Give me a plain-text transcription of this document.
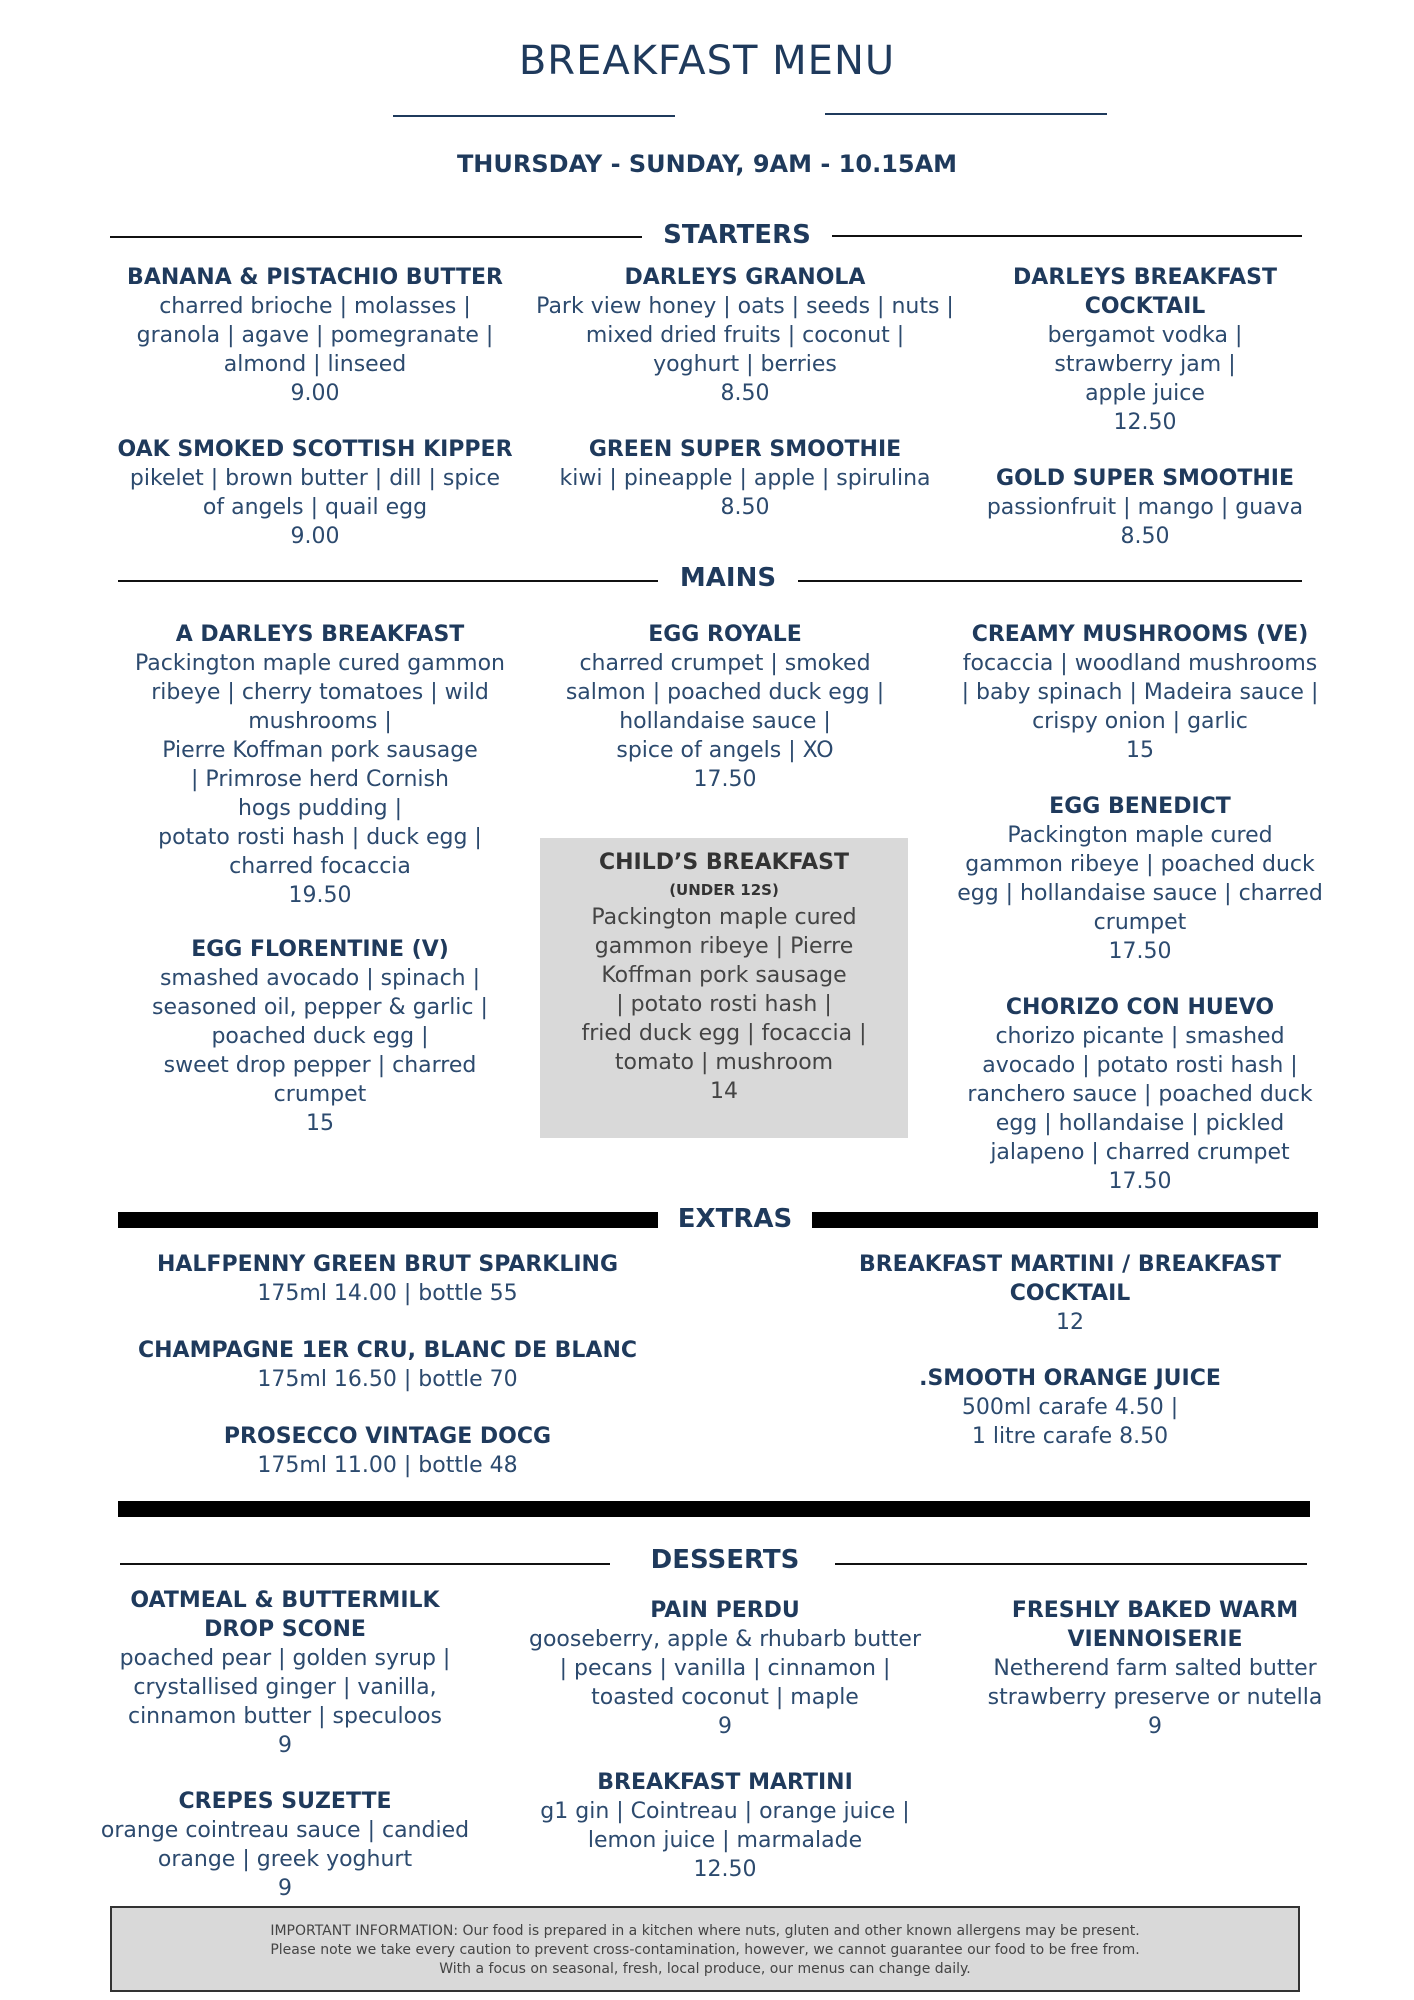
BREAKFAST MENU
THURSDAY - SUNDAY, 9AM - 10.15AM
STARTERS
BANANA & PISTACHIO BUTTER
charred brioche | molasses |
granola | agave | pomegranate |
almond | linseed
9.00
DARLEYS GRANOLA
Park view honey | oats | seeds | nuts |
mixed dried fruits | coconut |
yoghurt | berries
8.50
DARLEYS BREAKFAST
COCKTAIL
bergamot vodka |
strawberry jam |
apple juice
12.50
OAK SMOKED SCOTTISH KIPPER
pikelet | brown butter | dill | spice
of angels | quail egg
9.00
GREEN SUPER SMOOTHIE
kiwi | pineapple | apple | spirulina
8.50
GOLD SUPER SMOOTHIE
passionfruit | mango | guava
8.50
MAINS
A DARLEYS BREAKFAST
Packington maple cured gammon
ribeye | cherry tomatoes | wild
mushrooms |
Pierre Koffman pork sausage
| Primrose herd Cornish
hogs pudding |
potato rosti hash | duck egg |
charred focaccia
19.50
EGG FLORENTINE (V)
smashed avocado | spinach |
seasoned oil, pepper & garlic |
poached duck egg |
sweet drop pepper | charred
crumpet
15
EGG ROYALE
charred crumpet | smoked
salmon | poached duck egg |
hollandaise sauce |
spice of angels | XO
17.50
CHILD’S BREAKFAST
(UNDER 12S)
Packington maple cured
gammon ribeye | Pierre
Koffman pork sausage
| potato rosti hash |
fried duck egg | focaccia |
tomato | mushroom
14
CREAMY MUSHROOMS (VE)
focaccia | woodland mushrooms
| baby spinach | Madeira sauce |
crispy onion | garlic
15
EGG BENEDICT
Packington maple cured
gammon ribeye | poached duck
egg | hollandaise sauce | charred
crumpet
17.50
CHORIZO CON HUEVO
chorizo picante | smashed
avocado | potato rosti hash |
ranchero sauce | poached duck
egg | hollandaise | pickled
jalapeno | charred crumpet
17.50
EXTRAS
HALFPENNY GREEN BRUT SPARKLING
175ml 14.00 | bottle 55
CHAMPAGNE 1ER CRU, BLANC DE BLANC
175ml 16.50 | bottle 70
PROSECCO VINTAGE DOCG
175ml 11.00 | bottle 48
BREAKFAST MARTINI / BREAKFAST
COCKTAIL
12
.SMOOTH ORANGE JUICE
500ml carafe 4.50 |
1 litre carafe 8.50
DESSERTS
OATMEAL & BUTTERMILK
DROP SCONE
poached pear | golden syrup |
crystallised ginger | vanilla,
cinnamon butter | speculoos
9
CREPES SUZETTE
orange cointreau sauce | candied
orange | greek yoghurt
9
PAIN PERDU
gooseberry, apple & rhubarb butter
| pecans | vanilla | cinnamon |
toasted coconut | maple
9
BREAKFAST MARTINI
g1 gin | Cointreau | orange juice |
lemon juice | marmalade
12.50
FRESHLY BAKED WARM
VIENNOISERIE
Netherend farm salted butter
strawberry preserve or nutella
9
IMPORTANT INFORMATION: Our food is prepared in a kitchen where nuts, gluten and other known allergens may be present.
Please note we take every caution to prevent cross-contamination, however, we cannot guarantee our food to be free from.
With a focus on seasonal, fresh, local produce, our menus can change daily.
